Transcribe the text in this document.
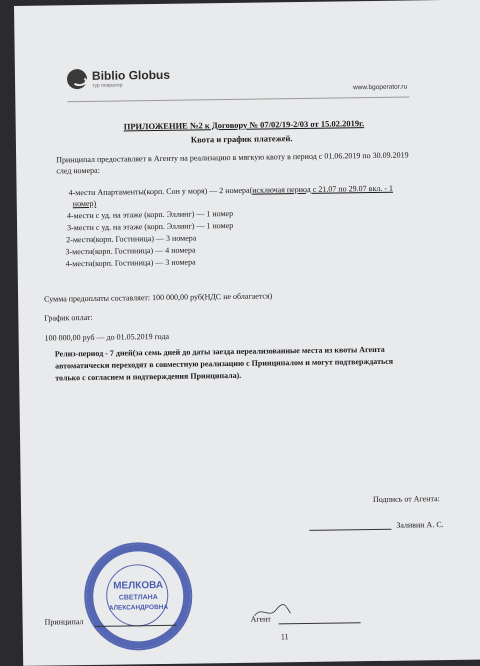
Biblio Globus
тур оператор	www.bgoperator.ru
ПРИЛОЖЕНИЕ №2 к Договору № 07/02/19-2/03 от 15.02.2019г.
Квота и график платежей.
Принципал предоставляет в Агенту на реализацию в мягкую квоту в период с 01.06.2019 по 30.09.2019
след номера:
4-местн Апартаменты(корп. Сон у моря) — 2 номера(исключая период с 21.07 по 29.07 вкл. - 1
номер)
4-местн с уд. на этаже (корп. Эллинг) — 1 номер
3-местн с уд. на этаже (корп. Эллинг) — 1 номер
2-местн(корп. Гостиница) — 3 номера
3-местн(корп. Гостиница) — 4 номера
4-местн(корп. Гостиница) — 3 номера
Сумма предоплаты составляет: 100 000,00 руб(НДС не облагается)
График оплат:
100 000,00 руб — до 01.05.2019 года
Релиз-период - 7 дней(за семь дней до даты заезда нереализованные места из квоты Агента
автоматически переходят в совместную реализацию с Принципалом и могут подтверждаться
только с согласнем и подтверждения Принципала).
Подпись от Агента:
Заливин А. С.
МЕЛКОВА
СВЕТЛАНА
АЛЕКСАНДРОВНА
Принципал	Агент
11
